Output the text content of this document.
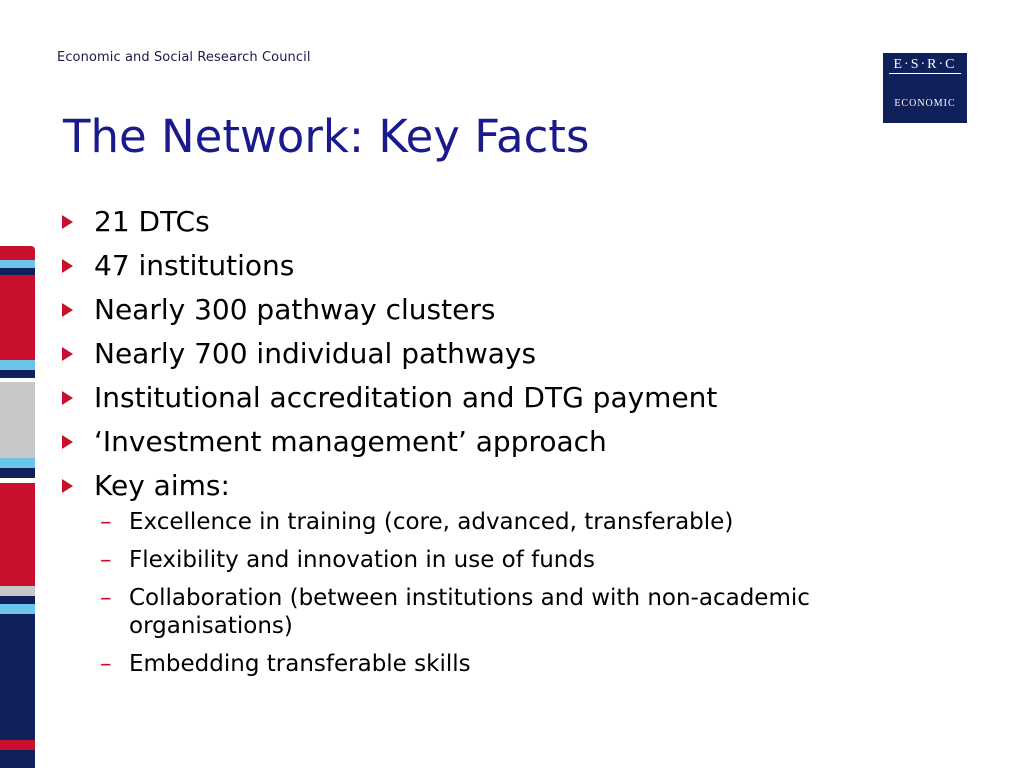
Economic and Social Research Council	E·S·R·C

ECONOMIC

& SOCIAL

RESEARCH

COUNCIL

The Network: Key Facts
21 DTCs
47 institutions
Nearly 300 pathway clusters
Nearly 700 individual pathways
Institutional accreditation and DTG payment
‘Investment management’ approach
Key aims:
– Excellence in training (core, advanced, transferable)
– Flexibility and innovation in use of funds
– Collaboration (between institutions and with non-academic organisations)
– Embedding transferable skills
